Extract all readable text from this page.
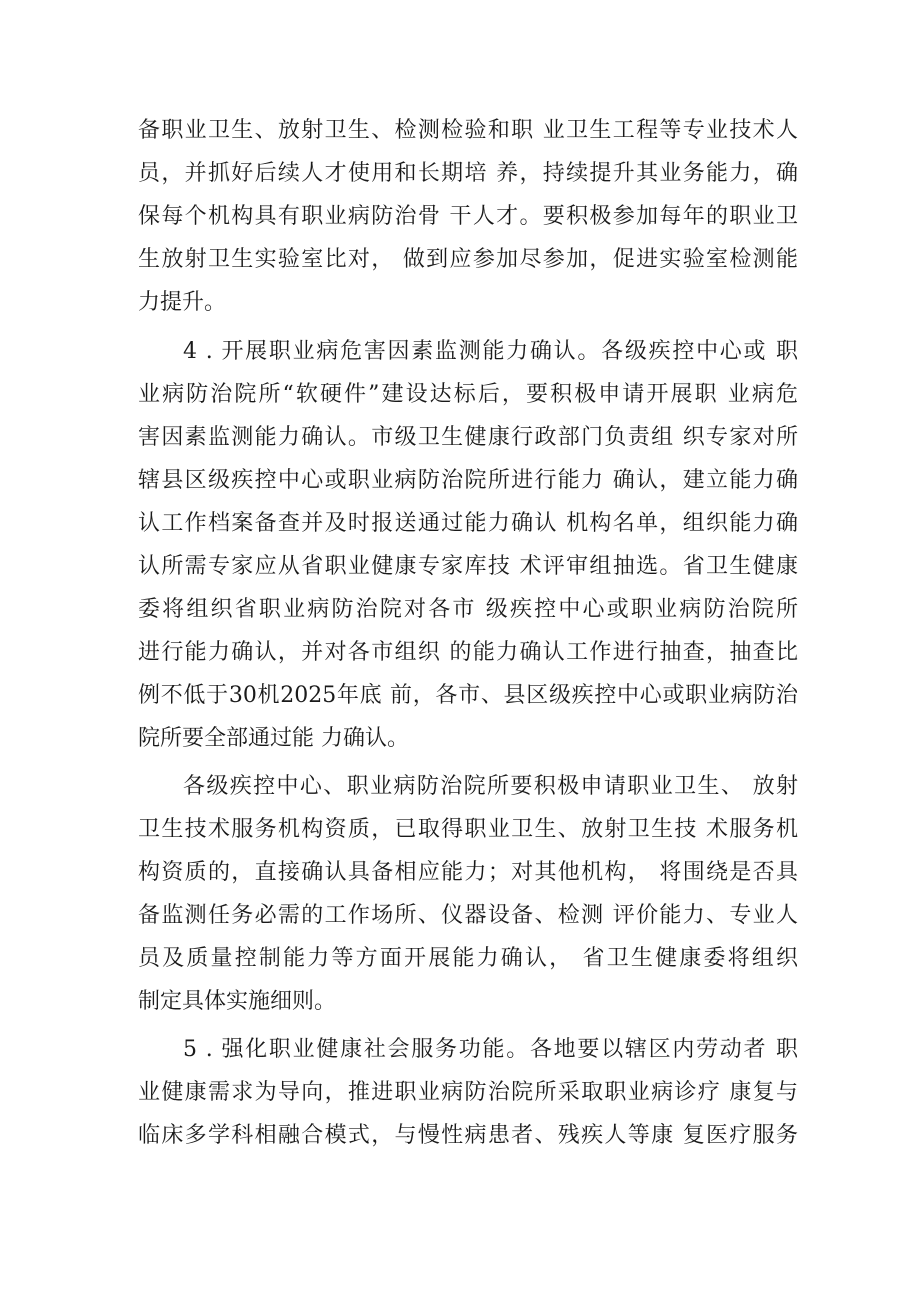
备职业卫生、放射卫生、检测检验和职 业卫生工程等专业技术人
员，并抓好后续人才使用和长期培 养，持续提升其业务能力，确
保每个机构具有职业病防治骨 干人才。要积极参加每年的职业卫
生放射卫生实验室比对， 做到应参加尽参加，促进实验室检测能
力提升。
4 . 开展职业病危害因素监测能力确认。各级疾控中心或 职
业病防治院所“软硬件”建设达标后，要积极申请开展职 业病危
害因素监测能力确认。市级卫生健康行政部门负责组 织专家对所
辖县区级疾控中心或职业病防治院所进行能力 确认，建立能力确
认工作档案备查并及时报送通过能力确认 机构名单，组织能力确
认所需专家应从省职业健康专家库技 术评审组抽选。省卫生健康
委将组织省职业病防治院对各市 级疾控中心或职业病防治院所
进行能力确认，并对各市组织 的能力确认工作进行抽查，抽查比
例不低于30机2025年底 前，各市、县区级疾控中心或职业病防治
院所要全部通过能 力确认。
各级疾控中心、职业病防治院所要积极申请职业卫生、 放射
卫生技术服务机构资质，已取得职业卫生、放射卫生技 术服务机
构资质的，直接确认具备相应能力；对其他机构， 将围绕是否具
备监测任务必需的工作场所、仪器设备、检测 评价能力、专业人
员及质量控制能力等方面开展能力确认， 省卫生健康委将组织
制定具体实施细则。
5 . 强化职业健康社会服务功能。各地要以辖区内劳动者 职
业健康需求为导向，推进职业病防治院所采取职业病诊疗 康复与
临床多学科相融合模式，与慢性病患者、残疾人等康 复医疗服务
